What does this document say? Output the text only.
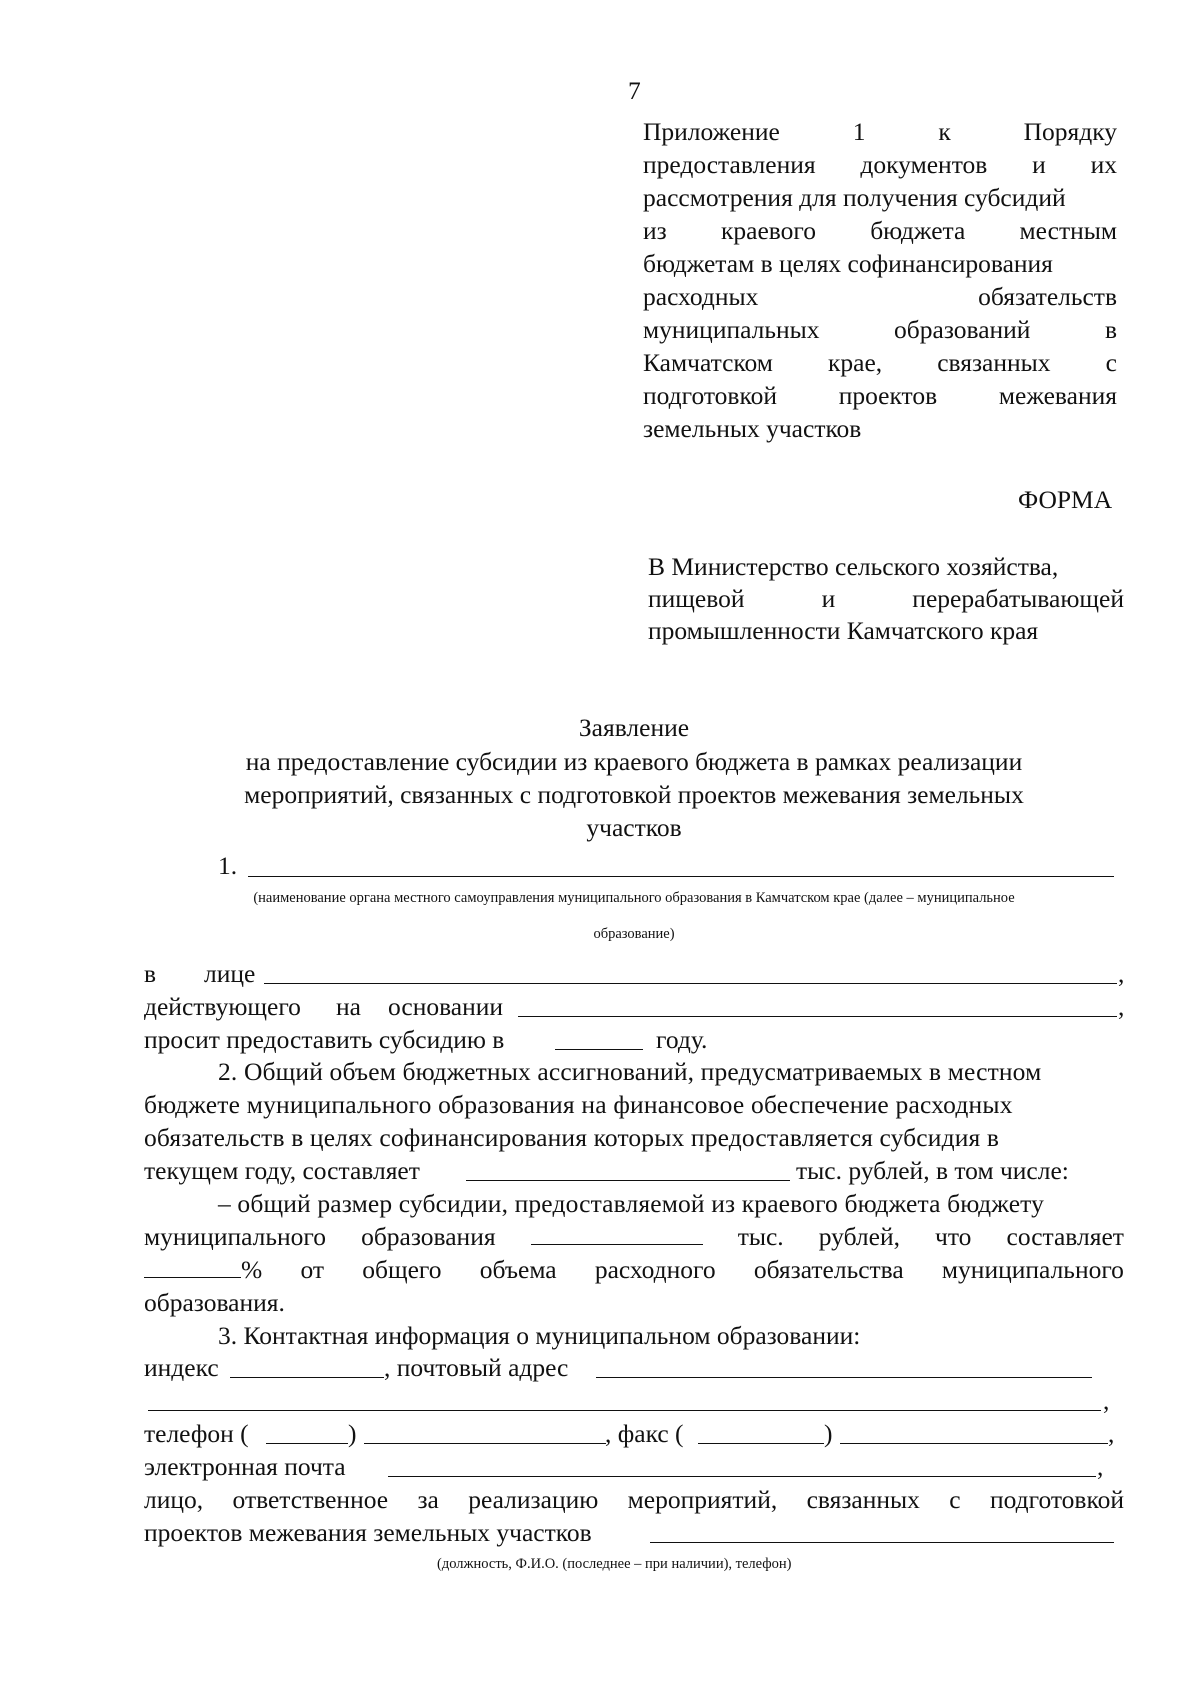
7
Приложение	1	к	Порядку
предоставления документов и их
рассмотрения для получения субсидий
из краевого бюджета местным
бюджетам в целях софинансирования
расходных	обязательств
муниципальных	образований	в
Камчатском крае, связанных с
подготовкой проектов межевания
земельных участков
ФОРМА
В Министерство сельского хозяйства,
пищевой	и	перерабатывающей
промышленности Камчатского края
Заявление
на предоставление субсидии из краевого бюджета в рамках реализации
мероприятий, связанных с подготовкой проектов межевания земельных
участков
1.
(наименование органа местного самоуправления муниципального образования в Камчатском крае (далее – муниципальное
образование)
в лице	,
действующего на основании	,
просит предоставить субсидию в	году.
2. Общий объем бюджетных ассигнований, предусматриваемых в местном
бюджете муниципального образования на финансовое обеспечение расходных
обязательств в целях софинансирования которых предоставляется субсидия в
текущем году, составляет	тыс. рублей, в том числе:
– общий размер субсидии, предоставляемой из краевого бюджета бюджету
муниципального образования	тыс. рублей, что составляет
% от общего объема расходного обязательства муниципального
образования.
3. Контактная информация о муниципальном образовании:
индекс	, почтовый адрес
,
телефон (	)	, факс (	)	,
электронная почта	,
лицо, ответственное за реализацию мероприятий, связанных с подготовкой
проектов межевания земельных участков
(должность, Ф.И.О. (последнее – при наличии), телефон)
